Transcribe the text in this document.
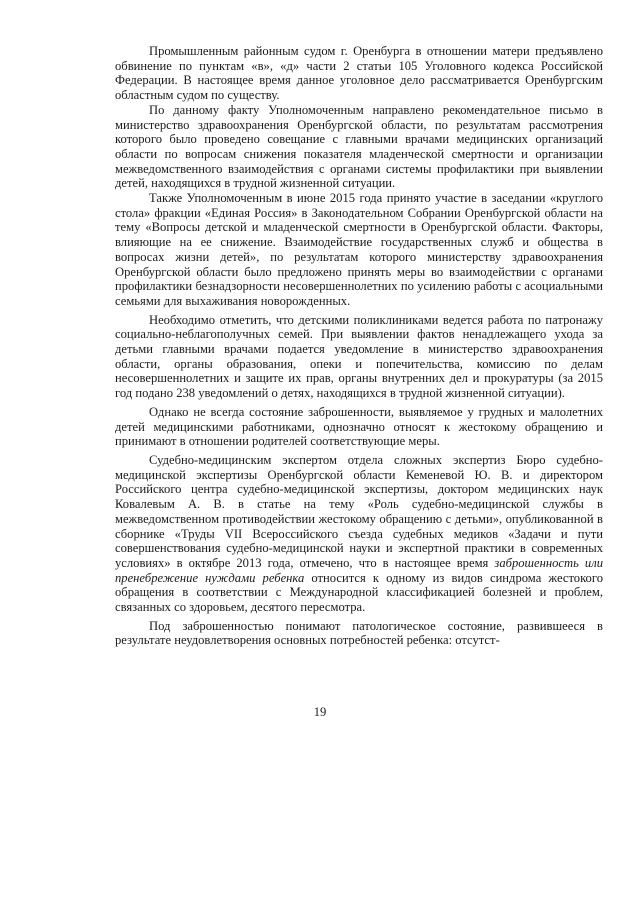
Промышленным районным судом г. Оренбурга в отношении матери предъявлено обвинение по пунктам «в», «д» части 2 статьи 105 Уголовного кодекса Российской Федерации. В настоящее время данное уголовное дело рассматривается Оренбургским областным судом по существу.

По данному факту Уполномоченным направлено рекомендательное письмо в министерство здравоохранения Оренбургской области, по результатам рассмотрения которого было проведено совещание с главными врачами медицинских организаций области по вопросам снижения показателя младенческой смертности и организации межведомственного взаимодействия с органами системы профилактики при выявлении детей, находящихся в трудной жизненной ситуации.

Также Уполномоченным в июне 2015 года принято участие в заседании «круглого стола» фракции «Единая Россия» в Законодательном Собрании Оренбургской области на тему «Вопросы детской и младенческой смертности в Оренбургской области. Факторы, влияющие на ее снижение. Взаимодействие государственных служб и общества в вопросах жизни детей», по результатам которого министерству здравоохранения Оренбургской области было предложено принять меры во взаимодействии с органами профилактики безнадзорности несовершеннолетних по усилению работы с асоциальными семьями для выхаживания новорожденных.

Необходимо отметить, что детскими поликлиниками ведется работа по патронажу социально-неблагополучных семей. При выявлении фактов ненадлежащего ухода за детьми главными врачами подается уведомление в министерство здравоохранения области, органы образования, опеки и попечительства, комиссию по делам несовершеннолетних и защите их прав, органы внутренних дел и прокуратуры (за 2015 год подано 238 уведомлений о детях, находящихся в трудной жизненной ситуации).

Однако не всегда состояние заброшенности, выявляемое у грудных и малолетних детей медицинскими работниками, однозначно относят к жестокому обращению и принимают в отношении родителей соответствующие меры.

Судебно-медицинским экспертом отдела сложных экспертиз Бюро судебно-медицинской экспертизы Оренбургской области Кеменевой Ю. В. и директором Российского центра судебно-медицинской экспертизы, доктором медицинских наук Ковалевым А. В. в статье на тему «Роль судебно-медицинской службы в межведомственном противодействии жестокому обращению с детьми», опубликованной в сборнике «Труды VII Всероссийского съезда судебных медиков «Задачи и пути совершенствования судебно-медицинской науки и экспертной практики в современных условиях» в октябре 2013 года, отмечено, что в настоящее время заброшенность или пренебрежение нуждами ребенка относится к одному из видов синдрома жестокого обращения в соответствии с Международной классификацией болезней и проблем, связанных со здоровьем, десятого пересмотра.

Под заброшенностью понимают патологическое состояние, развившееся в результате неудовлетворения основных потребностей ребенка: отсутст-

19
